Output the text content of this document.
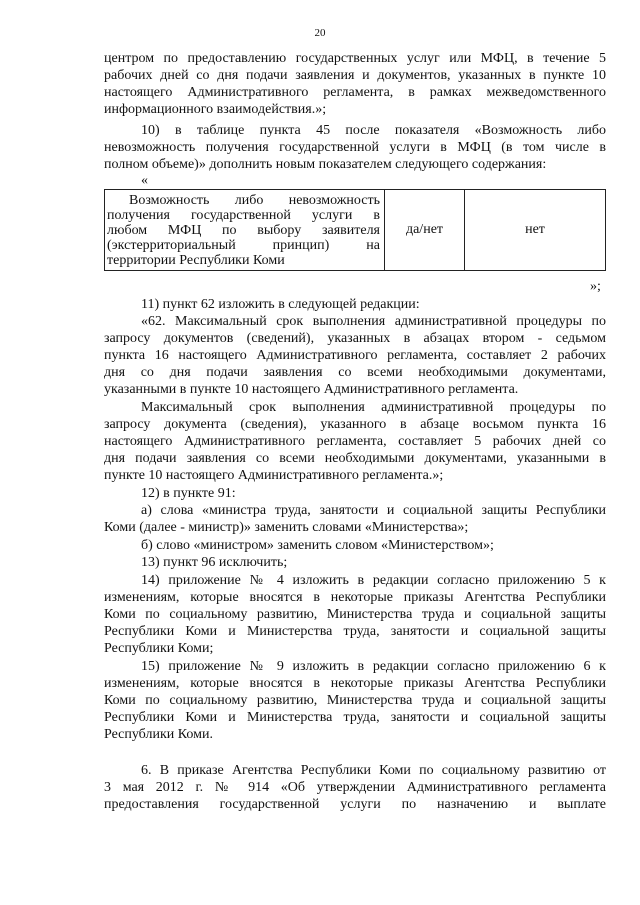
20
центром по предоставлению государственных услуг или МФЦ, в течение 5
рабочих дней со дня подачи заявления и документов, указанных в пункте 10
настоящего Административного регламента, в рамках межведомственного
информационного взаимодействия.»;
10) в таблице пункта 45 после показателя «Возможность либо
невозможность получения государственной услуги в МФЦ (в том числе в
полном объеме)» дополнить новым показателем следующего содержания:
«
Возможность либо невозможность
получения государственной услуги в
любом МФЦ по выбору заявителя
(экстерриториальный принцип) на
территории Республики Коми
да/нет	нет
»;
11) пункт 62 изложить в следующей редакции:
«62. Максимальный срок выполнения административной процедуры по
запросу документов (сведений), указанных в абзацах втором - седьмом
пункта 16 настоящего Административного регламента, составляет 2 рабочих
дня со дня подачи заявления со всеми необходимыми документами,
указанными в пункте 10 настоящего Административного регламента.
Максимальный срок выполнения административной процедуры по
запросу документа (сведения), указанного в абзаце восьмом пункта 16
настоящего Административного регламента, составляет 5 рабочих дней со
дня подачи заявления со всеми необходимыми документами, указанными в
пункте 10 настоящего Административного регламента.»;
12) в пункте 91:
а) слова «министра труда, занятости и социальной защиты Республики
Коми (далее - министр)» заменить словами «Министерства»;
б) слово «министром» заменить словом «Министерством»;
13) пункт 96 исключить;
14) приложение № 4 изложить в редакции согласно приложению 5 к
изменениям, которые вносятся в некоторые приказы Агентства Республики
Коми по социальному развитию, Министерства труда и социальной защиты
Республики Коми и Министерства труда, занятости и социальной защиты
Республики Коми;
15) приложение № 9 изложить в редакции согласно приложению 6 к
изменениям, которые вносятся в некоторые приказы Агентства Республики
Коми по социальному развитию, Министерства труда и социальной защиты
Республики Коми и Министерства труда, занятости и социальной защиты
Республики Коми.
6. В приказе Агентства Республики Коми по социальному развитию от
3 мая 2012 г. № 914 «Об утверждении Административного регламента
предоставления государственной услуги по назначению и выплате
